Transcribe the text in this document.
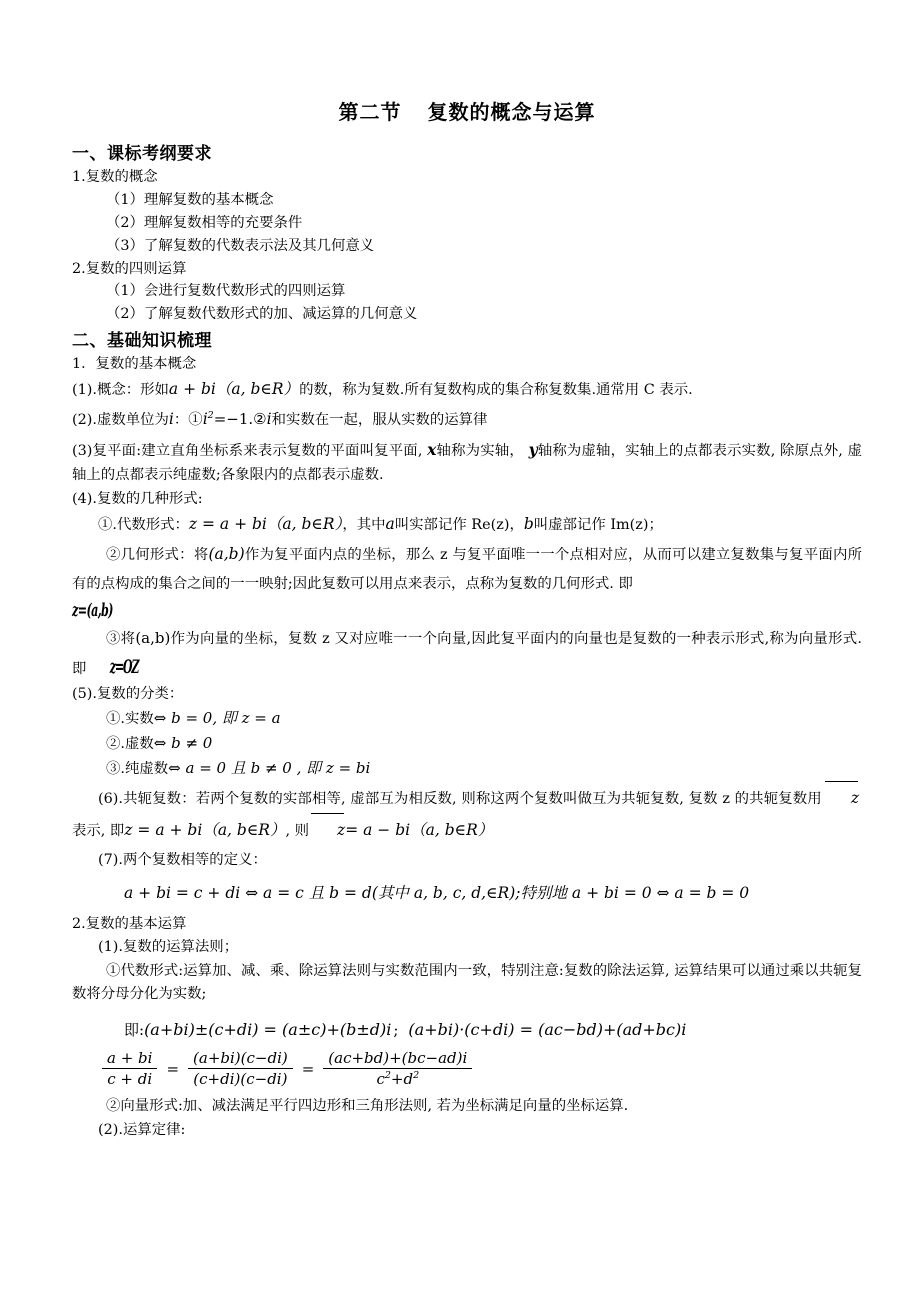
第二节 复数的概念与运算
一、课标考纲要求
1.复数的概念
（1）理解复数的基本概念
（2）理解复数相等的充要条件
（3）了解复数的代数表示法及其几何意义
2.复数的四则运算
（1）会进行复数代数形式的四则运算
（2）了解复数代数形式的加、减运算的几何意义
二、基础知识梳理
1．复数的基本概念
(1).概念：形如a + bi（a, b∈R）的数，称为复数.所有复数构成的集合称复数集.通常用 C 表示.
(2).虚数单位为i：$①i^2=-1.②i$和实数在一起，服从实数的运算律
(3)复平面:建立直角坐标系来表示复数的平面叫复平面, x轴称为实轴， y轴称为虚轴，实轴上的点都表示实数, 除原点外, 虚轴上的点都表示纯虚数;各象限内的点都表示虚数.
(4).复数的几种形式:
①.代数形式：z = a + bi（a, b∈R），其中a叫实部记作 Re(z)，b叫虚部记作 Im(z)；
②几何形式：将(a,b)作为复平面内点的坐标，那么 z 与复平面唯一一个点相对应，从而可以建立复数集与复平面内所有的点构成的集合之间的一一映射;因此复数可以用点来表示，点称为复数的几何形式. 即
z=(a,b)
③将(a,b)作为向量的坐标，复数 z 又对应唯一一个向量,因此复平面内的向量也是复数的一种表示形式,称为向量形式. 即 z=OZ
(5).复数的分类：
①.实数⇔ b = 0, 即 z = a
②.虚数⇔ b ≠ 0
③.纯虚数⇔ a = 0 且 b ≠ 0 , 即 z = bi
(6).共轭复数：若两个复数的实部相等, 虚部互为相反数, 则称这两个复数叫做互为共轭复数, 复数 z 的共轭复数用 z表示, 即z = a + bi（a, b∈R）, 则 z= a − bi（a, b∈R）
(7).两个复数相等的定义：
a + bi = c + di ⇔ a = c 且 b = d(其中 a, b, c, d,∈R);特别地 a + bi = 0 ⇔ a = b = 0
2.复数的基本运算
(1).复数的运算法则；
①代数形式:运算加、减、乘、除运算法则与实数范围内一致，特别注意:复数的除法运算, 运算结果可以通过乘以共轭复数将分母分化为实数;
即:(a+bi)±(c+di) = (a±c)+(b±d)i ; (a+bi)·(c+di) = (ac−bd)+(ad+bc)i
$\frac{a + bi}{c + di} = \frac{(a+bi)(c-di)}{(c+di)(c-di)} = \frac{(ac+bd)+(bc-ad)i}{c^2+d^2}$
②向量形式:加、减法满足平行四边形和三角形法则, 若为坐标满足向量的坐标运算.
(2).运算定律:
